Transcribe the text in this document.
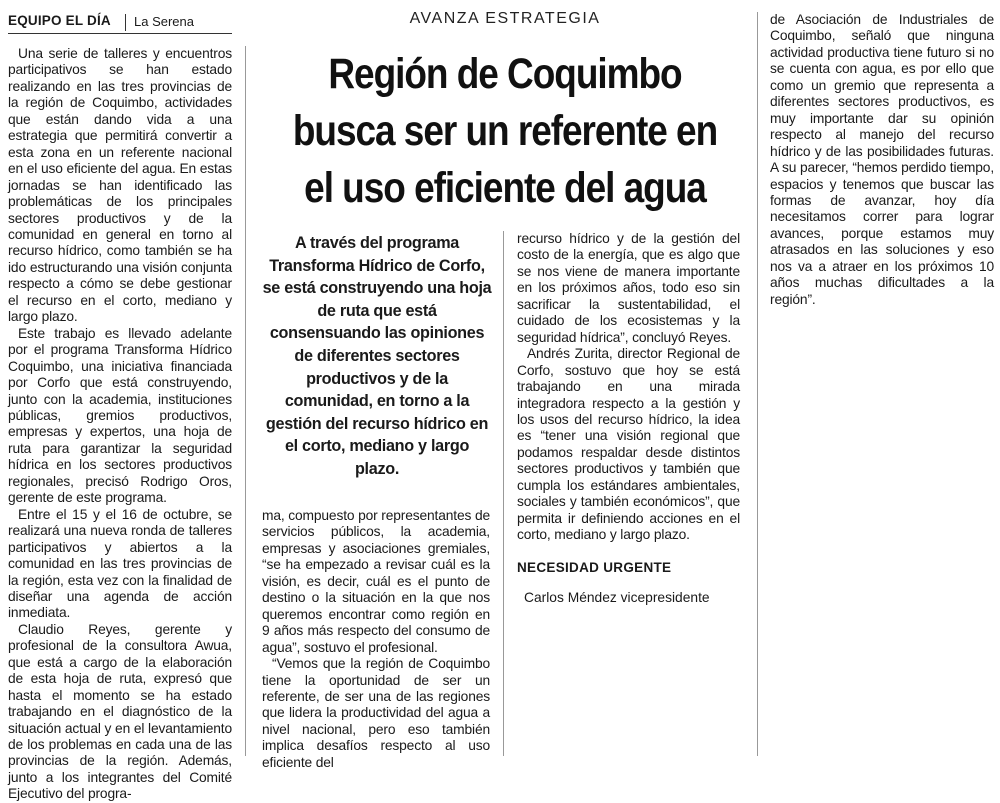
EQUIPO EL DÍA La Serena	AVANZA ESTRATEGIA
Región de Coquimbo busca ser un referente en el uso eficiente del agua

Una serie de talleres y encuentros participativos se han estado realizando en las tres provincias de la región de Coquimbo, actividades que están dando vida a una estrategia que permitirá convertir a esta zona en un referente nacional en el uso eficiente del agua. En estas jornadas se han identificado las problemáticas de los principales sectores productivos y de la comunidad en general en torno al recurso hídrico, como también se ha ido estructurando una visión conjunta respecto a cómo se debe gestionar el recurso en el corto, mediano y largo plazo.

Este trabajo es llevado adelante por el programa Transforma Hídrico Coquimbo, una iniciativa financiada por Corfo que está construyendo, junto con la academia, instituciones públicas, gremios productivos, empresas y expertos, una hoja de ruta para garantizar la seguridad hídrica en los sectores productivos regionales, precisó Rodrigo Oros, gerente de este programa.

Entre el 15 y el 16 de octubre, se realizará una nueva ronda de talleres participativos y abiertos a la comunidad en las tres provincias de la región, esta vez con la finalidad de diseñar una agenda de acción inmediata.

Claudio Reyes, gerente y profesional de la consultora Awua, que está a cargo de la elaboración de esta hoja de ruta, expresó que hasta el momento se ha estado trabajando en el diagnóstico de la situación actual y en el levantamiento de los problemas en cada una de las provincias de la región. Además, junto a los integrantes del Comité Ejecutivo del progra-

A través del programa Transforma Hídrico de Corfo, se está construyendo una hoja de ruta que está consensuando las opiniones de diferentes sectores productivos y de la comunidad, en torno a la gestión del recurso hídrico en el corto, mediano y largo plazo.

ma, compuesto por representantes de servicios públicos, la academia, empresas y asociaciones gremiales, “se ha empezado a revisar cuál es la visión, es decir, cuál es el punto de destino o la situación en la que nos queremos encontrar como región en 9 años más respecto del consumo de agua”, sostuvo el profesional.

“Vemos que la región de Coquimbo tiene la oportunidad de ser un referente, de ser una de las regiones que lidera la productividad del agua a nivel nacional, pero eso también implica desafíos respecto al uso eficiente del

recurso hídrico y de la gestión del costo de la energía, que es algo que se nos viene de manera importante en los próximos años, todo eso sin sacrificar la sustentabilidad, el cuidado de los ecosistemas y la seguridad hídrica”, concluyó Reyes.

Andrés Zurita, director Regional de Corfo, sostuvo que hoy se está trabajando en una mirada integradora respecto a la gestión y los usos del recurso hídrico, la idea es “tener una visión regional que podamos respaldar desde distintos sectores productivos y también que cumpla los estándares ambientales, sociales y también económicos”, que permita ir definiendo acciones en el corto, mediano y largo plazo.

NECESIDAD URGENTE
Carlos Méndez vicepresidente

de Asociación de Industriales de Coquimbo, señaló que ninguna actividad productiva tiene futuro si no se cuenta con agua, es por ello que como un gremio que representa a diferentes sectores productivos, es muy importante dar su opinión respecto al manejo del recurso hídrico y de las posibilidades futuras. A su parecer, “hemos perdido tiempo, espacios y tenemos que buscar las formas de avanzar, hoy día necesitamos correr para lograr avances, porque estamos muy atrasados en las soluciones y eso nos va a atraer en los próximos 10 años muchas dificultades a la región”.
